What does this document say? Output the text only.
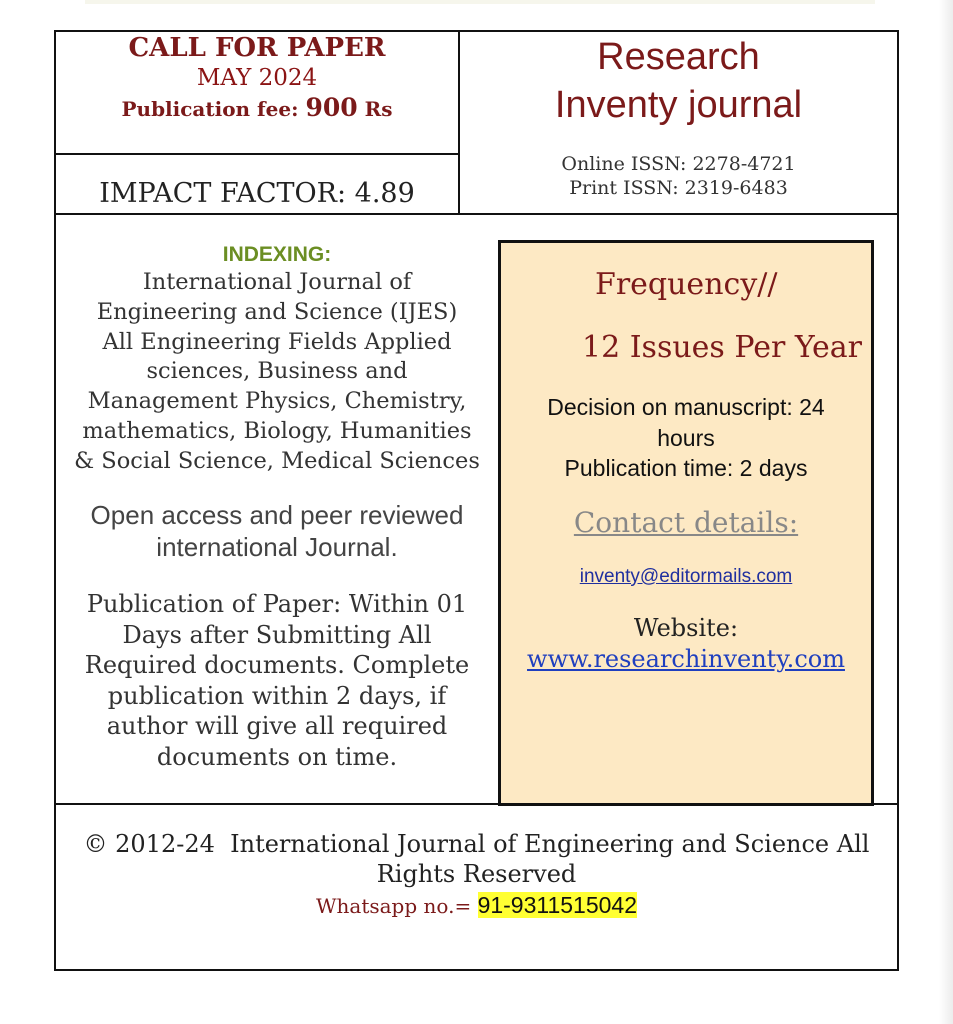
CALL FOR PAPER
MAY 2024
Publication fee: 900 Rs
IMPACT FACTOR: 4.89
Research
Inventy journal
Online ISSN: 2278-4721
Print ISSN: 2319-6483
INDEXING:
International Journal of
Engineering and Science (IJES)
All Engineering Fields Applied
sciences, Business and
Management Physics, Chemistry,
mathematics, Biology, Humanities
& Social Science, Medical Sciences
Open access and peer reviewed
international Journal.
Publication of Paper: Within 01
Days after Submitting All
Required documents. Complete
publication within 2 days, if
author will give all required
documents on time.
Frequency//
12 Issues Per Year
Decision on manuscript: 24
hours
Publication time: 2 days
Contact details:
inventy@editormails.com
Website:
www.researchinventy.com
© 2012-24  International Journal of Engineering and Science All
Rights Reserved
Whatsapp no.= 91-9311515042
